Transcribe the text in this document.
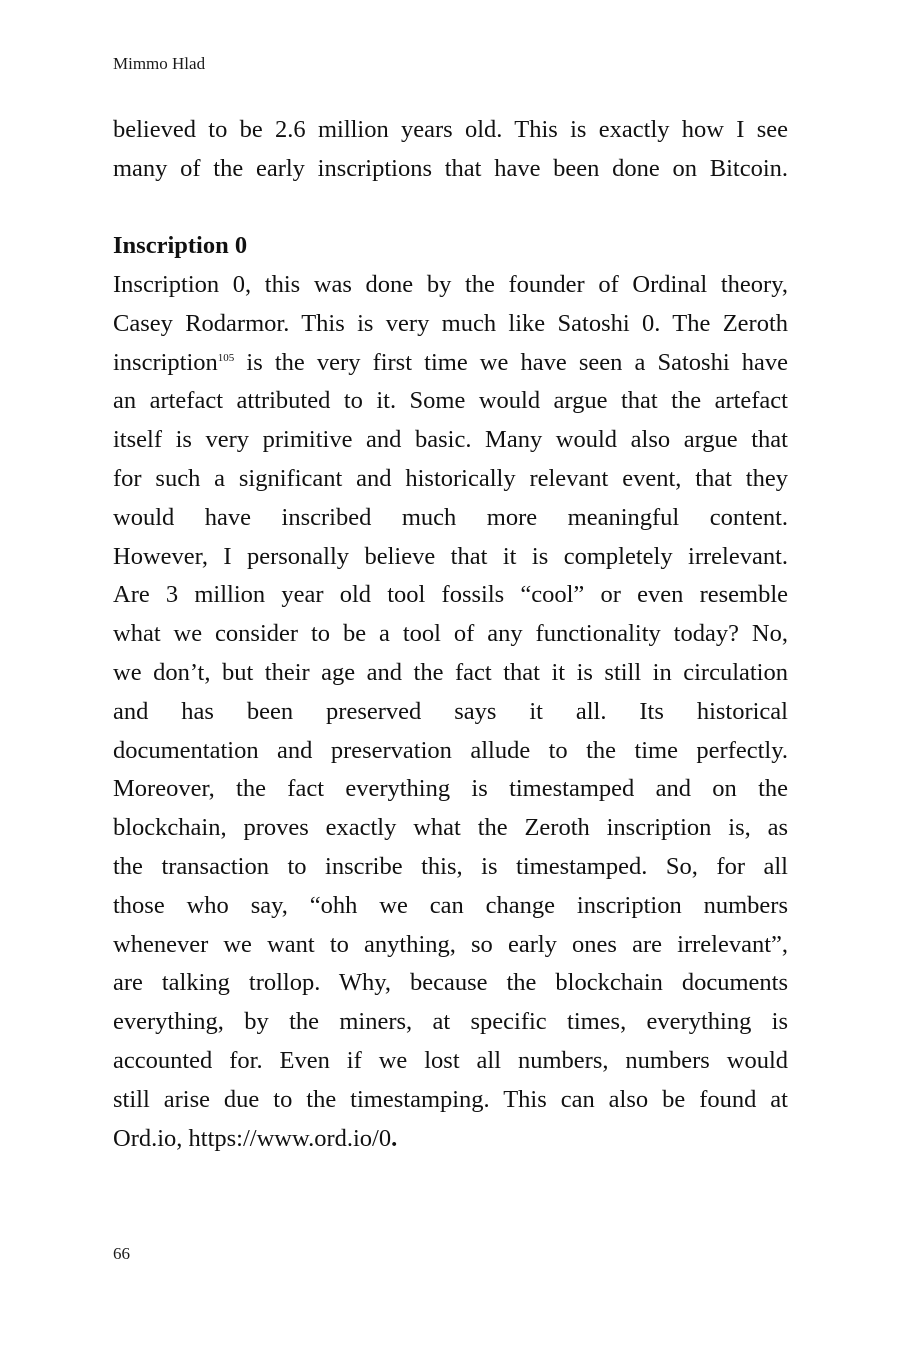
Mimmo Hlad
believed to be 2.6 million years old. This is exactly how I see
many of the early inscriptions that have been done on Bitcoin.
Inscription 0
Inscription 0, this was done by the founder of Ordinal theory,
Casey Rodarmor. This is very much like Satoshi 0. The Zeroth
inscription$^{105}$ is the very first time we have seen a Satoshi have
an artefact attributed to it. Some would argue that the artefact
itself is very primitive and basic. Many would also argue that
for such a significant and historically relevant event, that they
would have inscribed much more meaningful content.
However, I personally believe that it is completely irrelevant.
Are 3 million year old tool fossils “cool” or even resemble
what we consider to be a tool of any functionality today? No,
we don’t, but their age and the fact that it is still in circulation
and has been preserved says it all. Its historical
documentation and preservation allude to the time perfectly.
Moreover, the fact everything is timestamped and on the
blockchain, proves exactly what the Zeroth inscription is, as
the transaction to inscribe this, is timestamped. So, for all
those who say, “ohh we can change inscription numbers
whenever we want to anything, so early ones are irrelevant”,
are talking trollop. Why, because the blockchain documents
everything, by the miners, at specific times, everything is
accounted for. Even if we lost all numbers, numbers would
still arise due to the timestamping. This can also be found at
Ord.io, https://www.ord.io/0.
66
